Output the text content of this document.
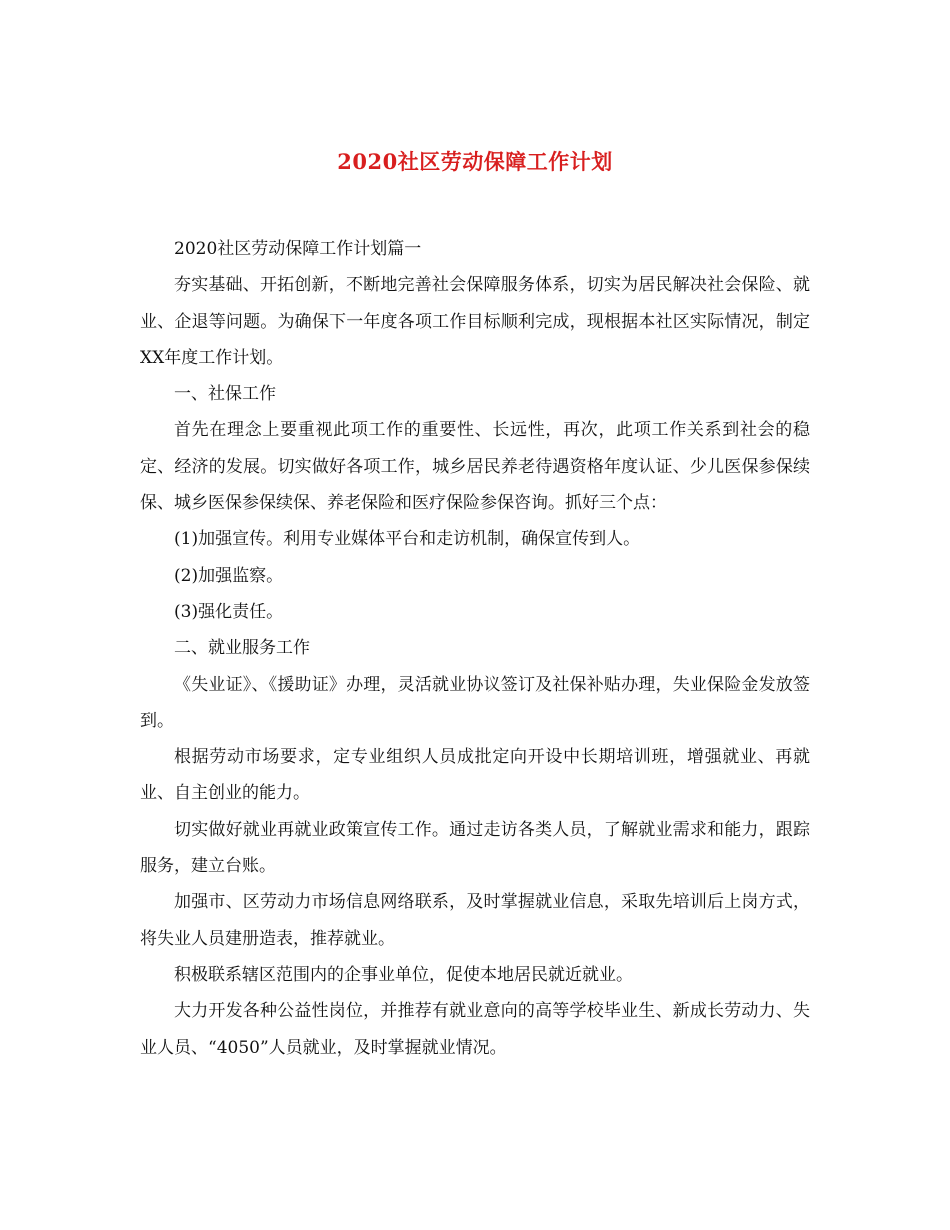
2020社区劳动保障工作计划

2020社区劳动保障工作计划篇一

夯实基础、开拓创新，不断地完善社会保障服务体系，切实为居民解决社会保险、就业、企退等问题。为确保下一年度各项工作目标顺利完成，现根据本社区实际情况，制定XX年度工作计划。

一、社保工作

首先在理念上要重视此项工作的重要性、长远性，再次，此项工作关系到社会的稳定、经济的发展。切实做好各项工作，城乡居民养老待遇资格年度认证、少儿医保参保续保、城乡医保参保续保、养老保险和医疗保险参保咨询。抓好三个点：

(1)加强宣传。利用专业媒体平台和走访机制，确保宣传到人。

(2)加强监察。

(3)强化责任。

二、就业服务工作

《失业证》、《援助证》办理，灵活就业协议签订及社保补贴办理，失业保险金发放签到。

根据劳动市场要求，定专业组织人员成批定向开设中长期培训班，增强就业、再就业、自主创业的能力。

切实做好就业再就业政策宣传工作。通过走访各类人员，了解就业需求和能力，跟踪服务，建立台账。

加强市、区劳动力市场信息网络联系，及时掌握就业信息，采取先培训后上岗方式，将失业人员建册造表，推荐就业。

积极联系辖区范围内的企事业单位，促使本地居民就近就业。

大力开发各种公益性岗位，并推荐有就业意向的高等学校毕业生、新成长劳动力、失业人员、“4050”人员就业，及时掌握就业情况。
